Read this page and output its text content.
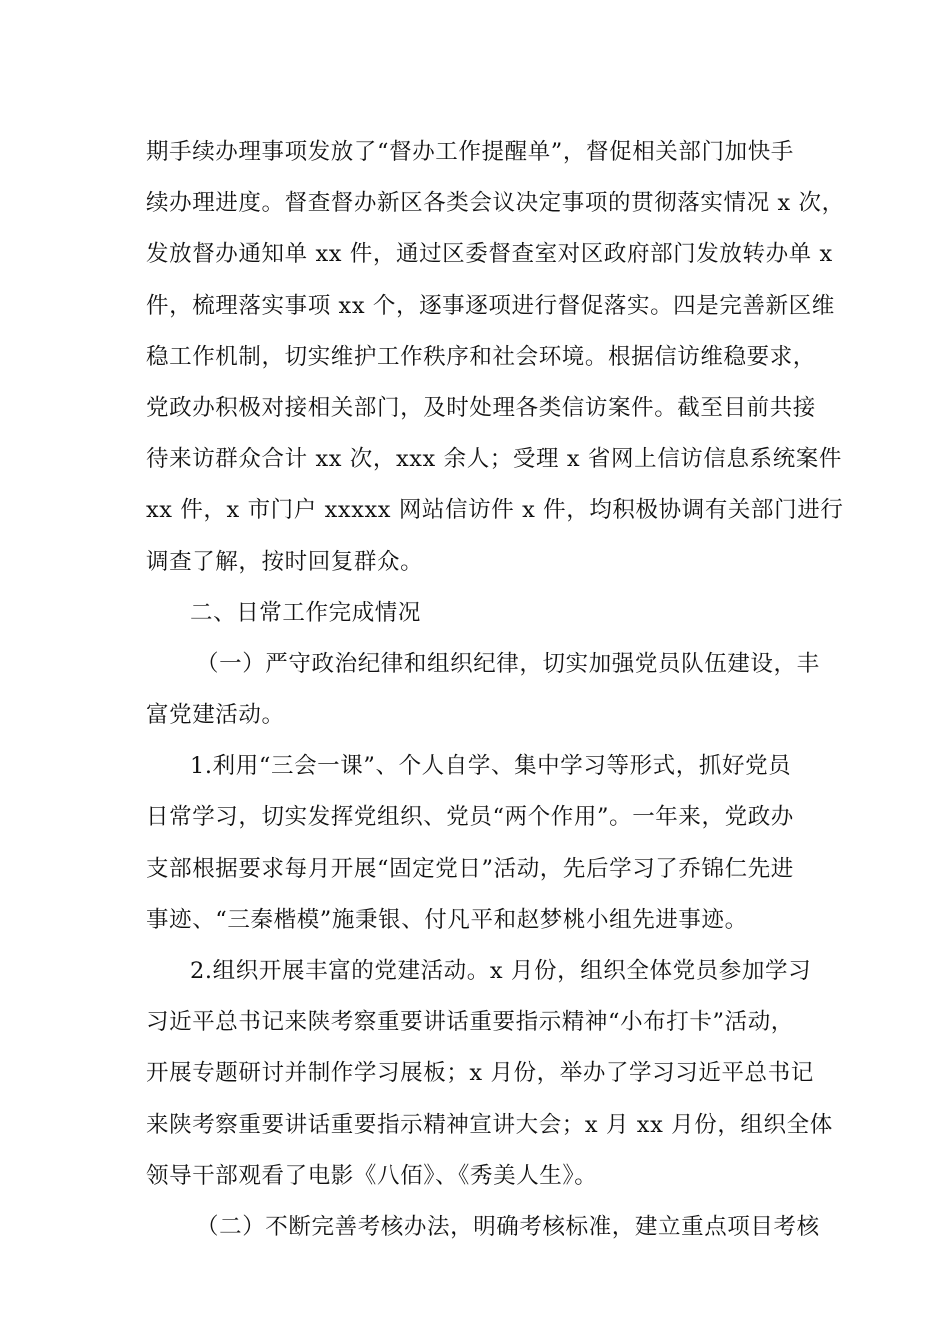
期手续办理事项发放了“督办工作提醒单”，督促相关部门加快手
续办理进度。督查督办新区各类会议决定事项的贯彻落实情况 x 次，
发放督办通知单 xx 件，通过区委督查室对区政府部门发放转办单 x
件，梳理落实事项 xx 个，逐事逐项进行督促落实。四是完善新区维
稳工作机制，切实维护工作秩序和社会环境。根据信访维稳要求，
党政办积极对接相关部门，及时处理各类信访案件。截至目前共接
待来访群众合计 xx 次，xxx 余人；受理 x 省网上信访信息系统案件
xx 件，x 市门户 xxxxx 网站信访件 x 件，均积极协调有关部门进行
调查了解，按时回复群众。
二、日常工作完成情况
（一）严守政治纪律和组织纪律，切实加强党员队伍建设，丰
富党建活动。
1.利用“三会一课”、个人自学、集中学习等形式，抓好党员
日常学习，切实发挥党组织、党员“两个作用”。一年来，党政办
支部根据要求每月开展“固定党日”活动，先后学习了乔锦仁先进
事迹、“三秦楷模”施秉银、付凡平和赵梦桃小组先进事迹。
2.组织开展丰富的党建活动。x 月份，组织全体党员参加学习
习近平总书记来陕考察重要讲话重要指示精神“小布打卡”活动，
开展专题研讨并制作学习展板；x 月份，举办了学习习近平总书记
来陕考察重要讲话重要指示精神宣讲大会；x 月 xx 月份，组织全体
领导干部观看了电影《八佰》、《秀美人生》。
（二）不断完善考核办法，明确考核标准，建立重点项目考核
